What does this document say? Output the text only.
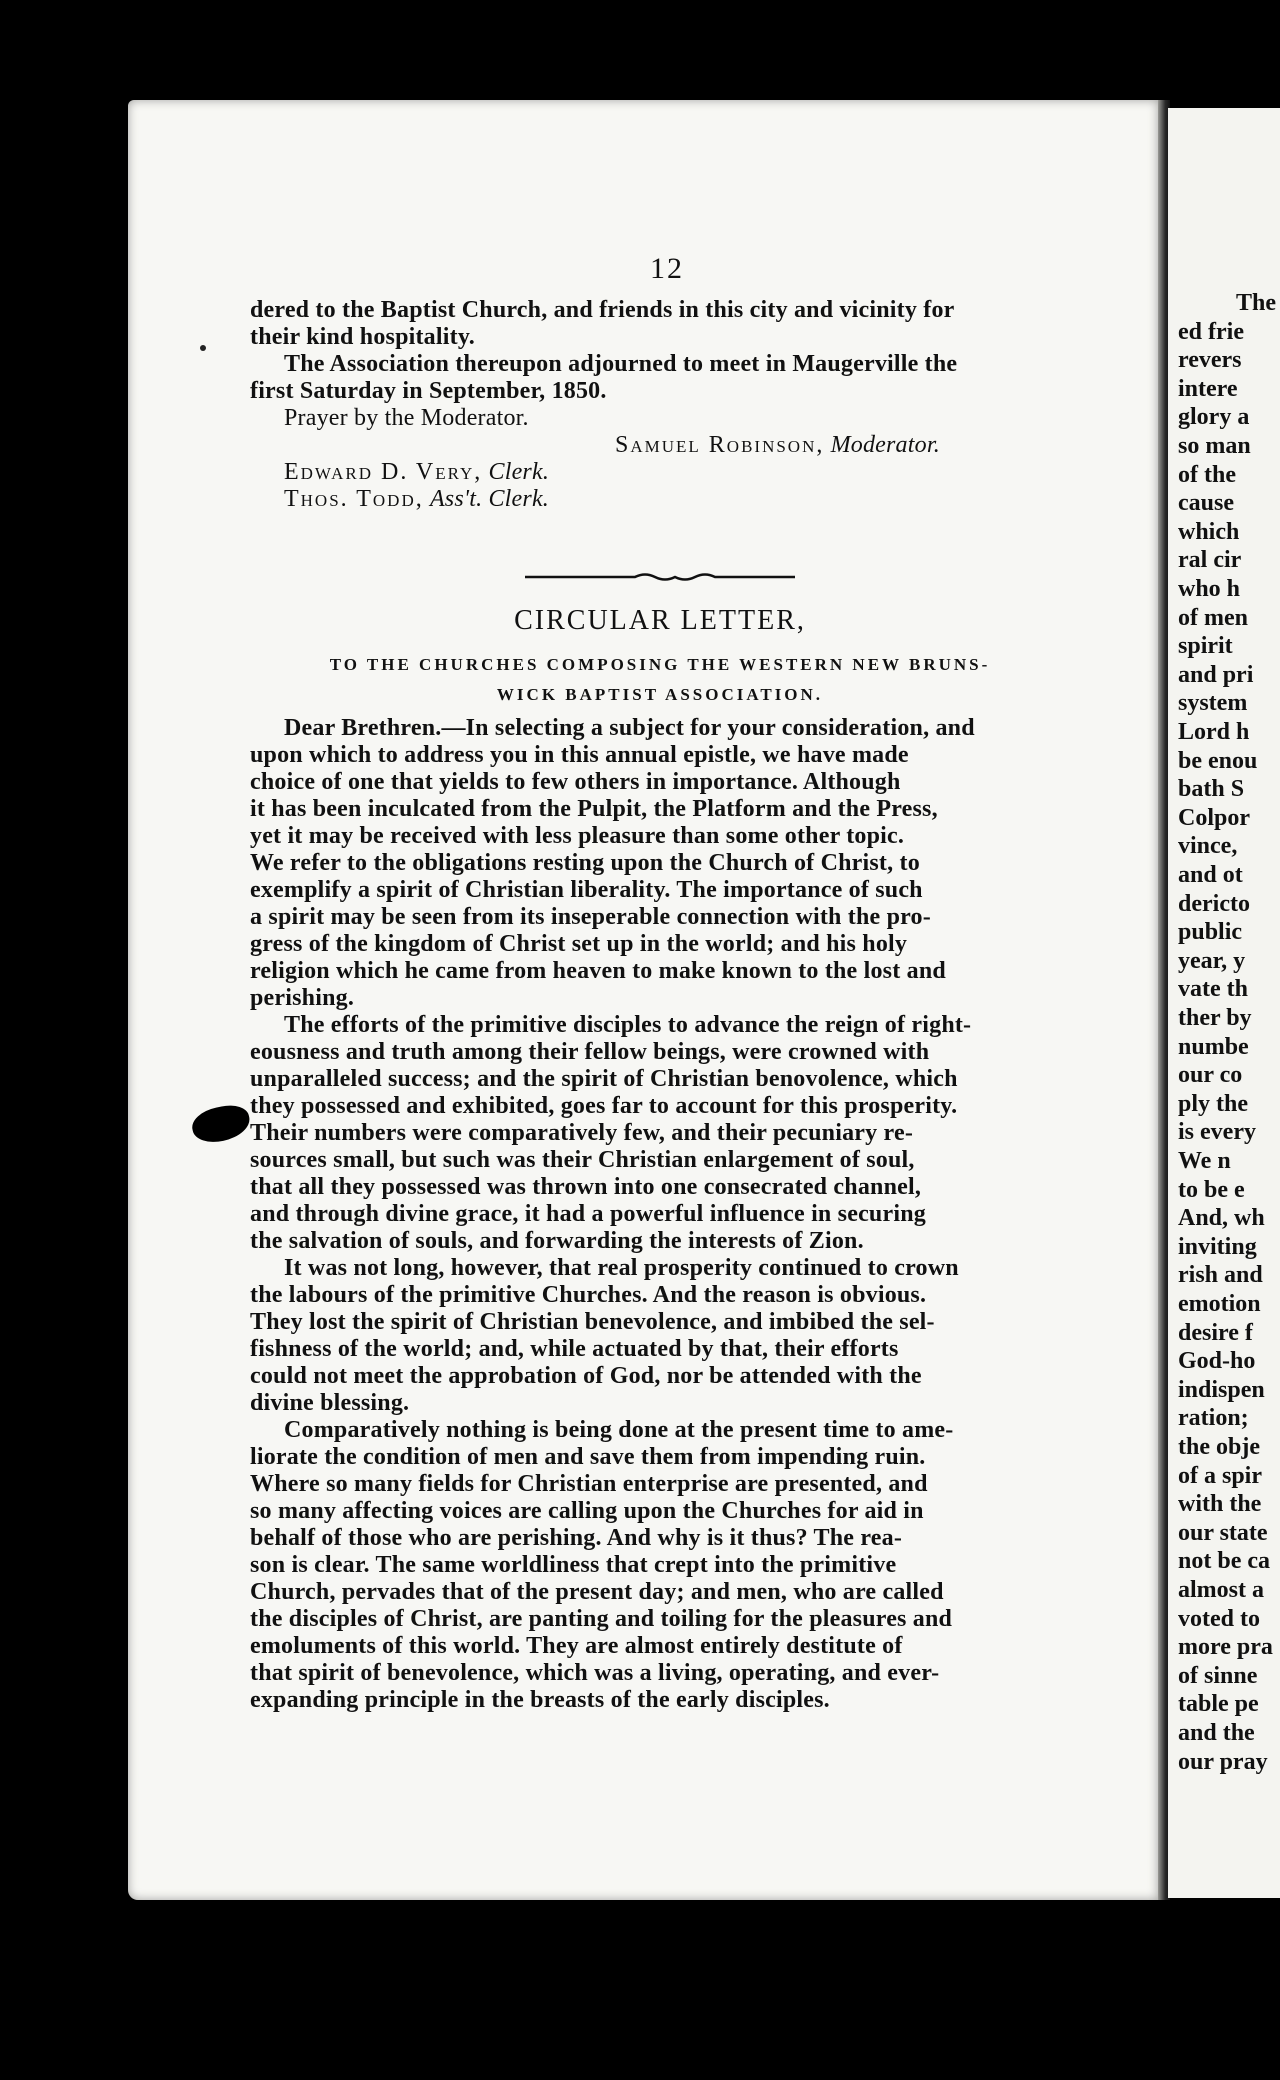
12
dered to the Baptist Church, and friends in this city and vicinity for
their kind hospitality.
The Association thereupon adjourned to meet in Maugerville the
first Saturday in September, 1850.
Prayer by the Moderator.
Samuel Robinson, Moderator.
Edward D. Very, Clerk.
Thos. Todd, Ass't. Clerk.
CIRCULAR LETTER,
TO THE CHURCHES COMPOSING THE WESTERN NEW BRUNS-
WICK BAPTIST ASSOCIATION.
Dear Brethren.—In selecting a subject for your consideration, and
upon which to address you in this annual epistle, we have made
choice of one that yields to few others in importance. Although
it has been inculcated from the Pulpit, the Platform and the Press,
yet it may be received with less pleasure than some other topic.
We refer to the obligations resting upon the Church of Christ, to
exemplify a spirit of Christian liberality. The importance of such
a spirit may be seen from its inseperable connection with the pro-
gress of the kingdom of Christ set up in the world; and his holy
religion which he came from heaven to make known to the lost and
perishing.
The efforts of the primitive disciples to advance the reign of right-
eousness and truth among their fellow beings, were crowned with
unparalleled success; and the spirit of Christian benovolence, which
they possessed and exhibited, goes far to account for this prosperity.
Their numbers were comparatively few, and their pecuniary re-
sources small, but such was their Christian enlargement of soul,
that all they possessed was thrown into one consecrated channel,
and through divine grace, it had a powerful influence in securing
the salvation of souls, and forwarding the interests of Zion.
It was not long, however, that real prosperity continued to crown
the labours of the primitive Churches. And the reason is obvious.
They lost the spirit of Christian benevolence, and imbibed the sel-
fishness of the world; and, while actuated by that, their efforts
could not meet the approbation of God, nor be attended with the
divine blessing.
Comparatively nothing is being done at the present time to ame-
liorate the condition of men and save them from impending ruin.
Where so many fields for Christian enterprise are presented, and
so many affecting voices are calling upon the Churches for aid in
behalf of those who are perishing. And why is it thus? The rea-
son is clear. The same worldliness that crept into the primitive
Church, pervades that of the present day; and men, who are called
the disciples of Christ, are panting and toiling for the pleasures and
emoluments of this world. They are almost entirely destitute of
that spirit of benevolence, which was a living, operating, and ever-
expanding principle in the breasts of the early disciples.
The
ed frie
revers
intere
glory a
so man
of the
cause
which
ral cir
who h
of men
spirit
and pri
system
Lord h
be enou
bath S
Colpor
vince,
and ot
dericto
public
year, y
vate th
ther by
numbe
our co
ply the
is every
We n
to be e
And, wh
inviting
rish and
emotion
desire f
God-ho
indispen
ration;
the obje
of a spir
with the
our state
not be ca
almost a
voted to
more pra
of sinne
table pe
and the
our pray
